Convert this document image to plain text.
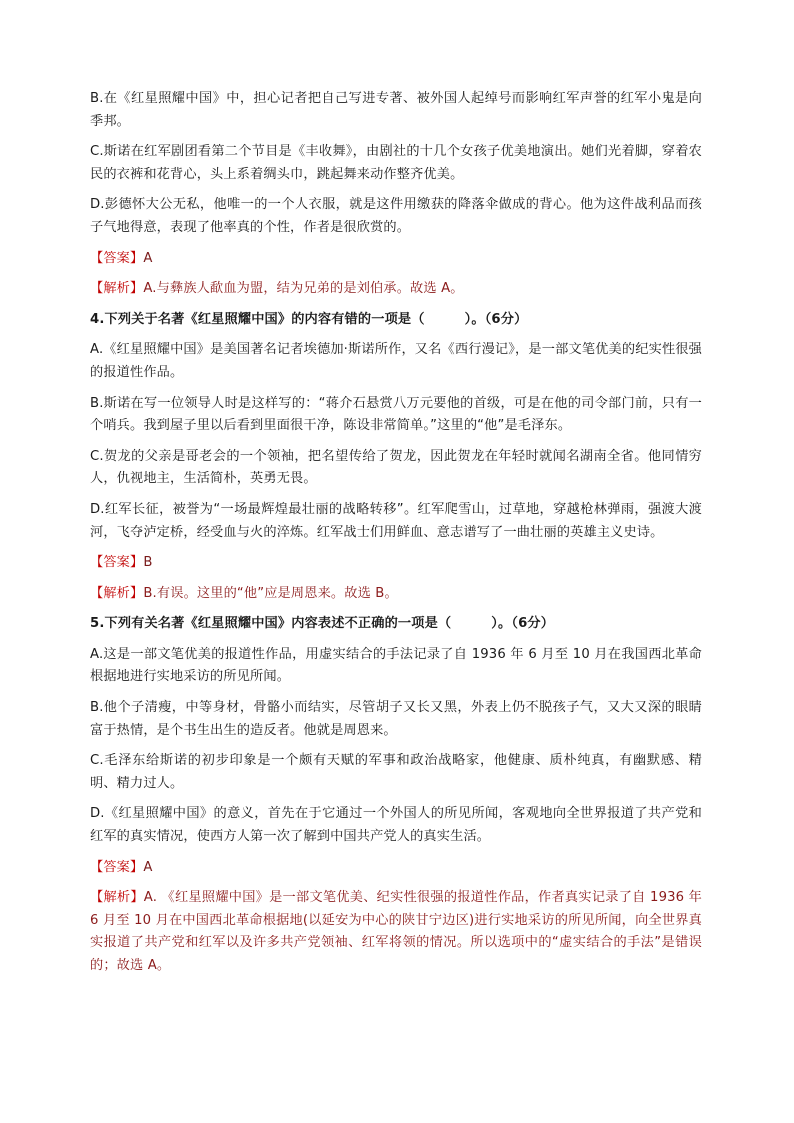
B.在《红星照耀中国》中，担心记者把自己写进专著、被外国人起绰号而影响红军声誉的红军小鬼是向季邦。

C.斯诺在红军剧团看第二个节目是《丰收舞》，由剧社的十几个女孩子优美地演出。她们光着脚，穿着农民的衣裤和花背心，头上系着绸头巾，跳起舞来动作整齐优美。

D.彭德怀大公无私，他唯一的一个人衣服，就是这件用缴获的降落伞做成的背心。他为这件战利品而孩子气地得意，表现了他率真的个性，作者是很欣赏的。

【答案】A

【解析】A.与彝族人歃血为盟，结为兄弟的是刘伯承。故选 A。

4.下列关于名著《红星照耀中国》的内容有错的一项是（　　　）。（6分）

A.《红星照耀中国》是美国著名记者埃德加·斯诺所作，又名《西行漫记》，是一部文笔优美的纪实性很强的报道性作品。

B.斯诺在写一位领导人时是这样写的：“蒋介石悬赏八万元要他的首级，可是在他的司令部门前，只有一个哨兵。我到屋子里以后看到里面很干净，陈设非常简单。”这里的“他”是毛泽东。

C.贺龙的父亲是哥老会的一个领袖，把名望传给了贺龙，因此贺龙在年轻时就闻名湖南全省。他同情穷人，仇视地主，生活简朴，英勇无畏。

D.红军长征，被誉为“一场最辉煌最壮丽的战略转移”。红军爬雪山，过草地，穿越枪林弹雨，强渡大渡河，飞夺泸定桥，经受血与火的淬炼。红军战士们用鲜血、意志谱写了一曲壮丽的英雄主义史诗。

【答案】B

【解析】B.有误。这里的“他”应是周恩来。故选 B。

5.下列有关名著《红星照耀中国》内容表述不正确的一项是（　　　）。（6分）

A.这是一部文笔优美的报道性作品，用虚实结合的手法记录了自 1936 年 6 月至 10 月在我国西北革命根据地进行实地采访的所见所闻。

B.他个子清瘦，中等身材，骨骼小而结实，尽管胡子又长又黑，外表上仍不脱孩子气，又大又深的眼睛富于热情，是个书生出生的造反者。他就是周恩来。

C.毛泽东给斯诺的初步印象是一个颇有天赋的军事和政治战略家，他健康、质朴纯真，有幽默感、精明、精力过人。

D.《红星照耀中国》的意义，首先在于它通过一个外国人的所见所闻，客观地向全世界报道了共产党和红军的真实情况，使西方人第一次了解到中国共产党人的真实生活。

【答案】A

【解析】A. 《红星照耀中国》是一部文笔优美、纪实性很强的报道性作品，作者真实记录了自 1936 年 6 月至 10 月在中国西北革命根据地(以延安为中心的陕甘宁边区)进行实地采访的所见所闻，向全世界真实报道了共产党和红军以及许多共产党领袖、红军将领的情况。所以选项中的“虚实结合的手法”是错误的；故选 A。
